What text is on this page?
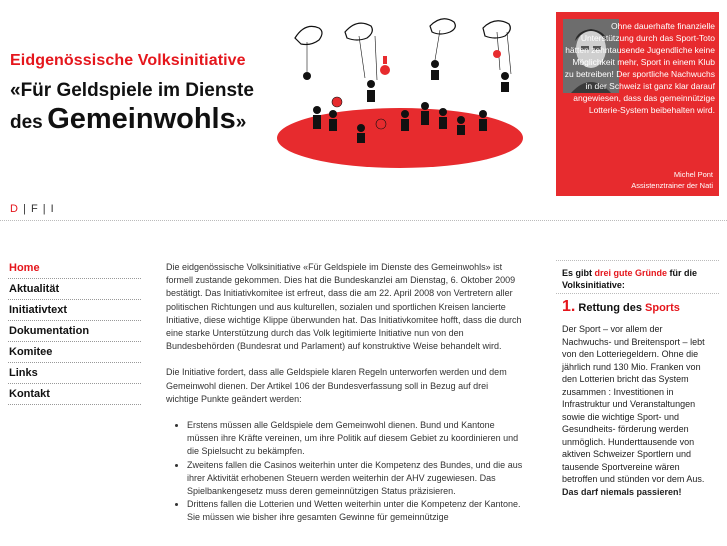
Eidgenössische Volksinitiative
«Für Geldspiele im Dienste
des Gemeinwohls»

Ohne dauerhafte finanzielle Unterstützung durch das Sport-Toto hätten zehntausende Jugendliche keine Möglichkeit mehr, Sport in einem Klub zu betreiben! Der sportliche Nachwuchs in der Schweiz ist ganz klar darauf angewiesen, dass das gemeinnützige Lotterie-System beibehalten wird.

Michel Pont
Assistenztrainer der Nati
D | F | I
Home
Aktualität
Initiativtext
Dokumentation
Komitee
Links
Kontakt

Die eidgenössische Volksinitiative «Für Geldspiele im Dienste des Gemeinwohls» ist formell zustande gekommen. Dies hat die Bundeskanzlei am Dienstag, 6. Oktober 2009 bestätigt. Das Initiativkomitee ist erfreut, dass die am 22. April 2008 von Vertretern aller politischen Richtungen und aus kulturellen, sozialen und sportlichen Kreisen lancierte Initiative, diese wichtige Klippe überwunden hat. Das Initiativkomitee hofft, dass die durch eine starke Unterstützung durch das Volk legitimierte Initiative nun von den Bundesbehörden (Bundesrat und Parlament) auf konstruktive Weise behandelt wird.

Die Initiative fordert, dass alle Geldspiele klaren Regeln unterworfen werden und dem Gemeinwohl dienen. Der Artikel 106 der Bundesverfassung soll in Bezug auf drei wichtige Punkte geändert werden:

• Erstens müssen alle Geldspiele dem Gemeinwohl dienen. Bund und Kantone müssen ihre Kräfte vereinen, um ihre Politik auf diesem Gebiet zu koordinieren und die Spielsucht zu bekämpfen.
• Zweitens fallen die Casinos weiterhin unter die Kompetenz des Bundes, und die aus ihrer Aktivität erhobenen Steuern werden weiterhin der AHV zugewiesen. Das Spielbankengesetz muss deren gemeinnützigen Status präzisieren.
• Drittens fallen die Lotterien und Wetten weiterhin unter die Kompetenz der Kantone. Sie müssen wie bisher ihre gesamten Gewinne für gemeinnützige
Es gibt drei gute Gründe für die Volksinitiative:
1. Rettung des Sports

Der Sport – vor allem der Nachwuchs- und Breitensport – lebt von den Lotteriegeldern. Ohne die jährlich rund 130 Mio. Franken von den Lotterien bricht das System zusammen : Investitionen in Infrastruktur und Veranstaltungen sowie die wichtige Sport- und Gesundheits- förderung werden unmöglich. Hunderttausende von aktiven Schweizer Sportlern und tausende Sportvereine wären betroffen und stünden vor dem Aus. Das darf niemals passieren!
